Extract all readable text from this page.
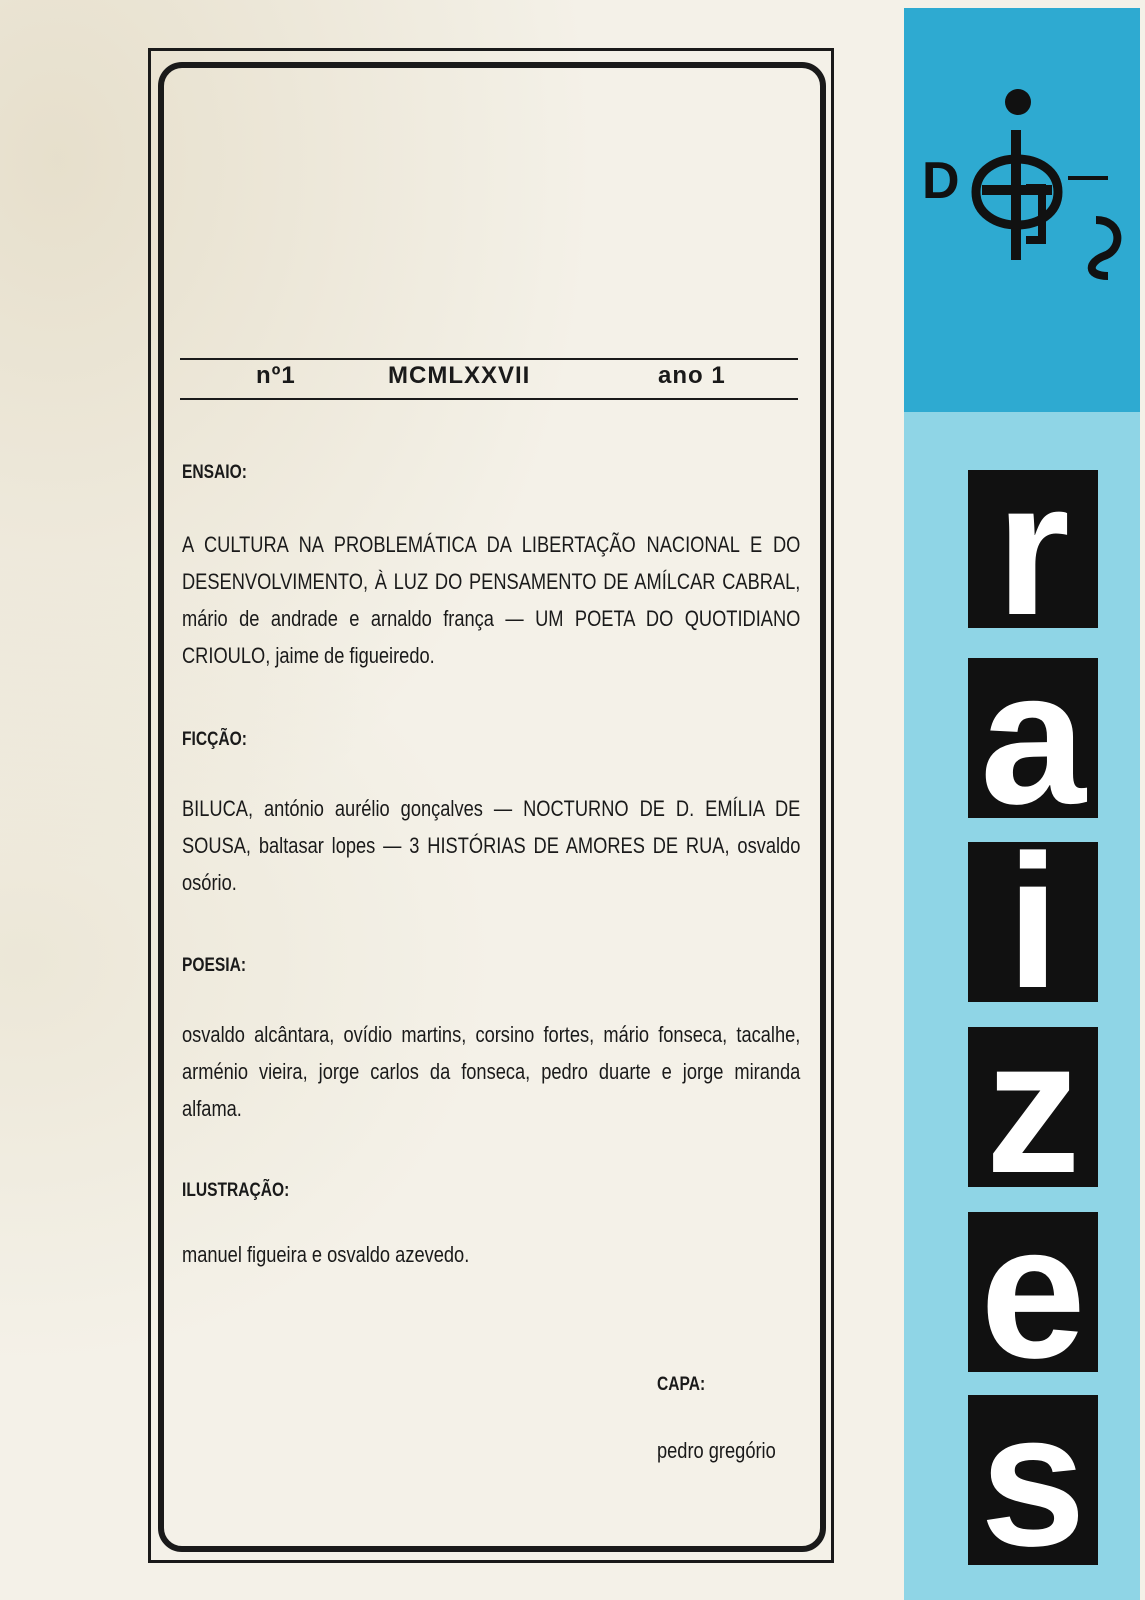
nº1	MCMLXXVII	ano 1
ENSAIO:
A CULTURA NA PROBLEMÁTICA DA LIBERTAÇÃO NACIONAL E DO DESENVOLVIMENTO, À LUZ DO PENSAMENTO DE AMÍLCAR CABRAL, mário de andrade e arnaldo frança — UM POETA DO QUOTIDIANO CRIOULO, jaime de figueiredo.
FICÇÃO:
BILUCA, antónio aurélio gonçalves — NOCTURNO DE D. EMÍLIA DE SOUSA, baltasar lopes — 3 HISTÓRIAS DE AMORES DE RUA, osvaldo osório.
POESIA:
osvaldo alcântara, ovídio martins, corsino fortes, mário fonseca, tacalhe, arménio vieira, jorge carlos da fonseca, pedro duarte e jorge miranda alfama.
ILUSTRAÇÃO:
manuel figueira e osvaldo azevedo.
CAPA:
pedro gregório
D
r
a
i
z
e
s
